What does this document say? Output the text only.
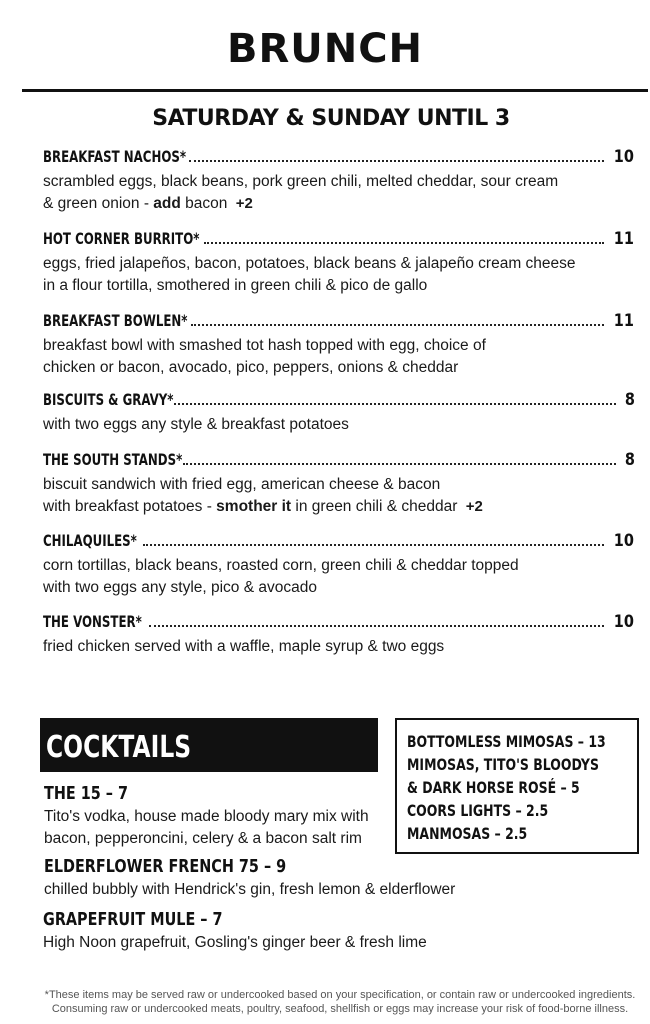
BRUNCH
SATURDAY & SUNDAY UNTIL 3
BREAKFAST NACHOS*	10
scrambled eggs, black beans, pork green chili, melted cheddar, sour cream
& green onion - add bacon +2
HOT CORNER BURRITO*	11
eggs, fried jalapeños, bacon, potatoes, black beans & jalapeño cream cheese
in a flour tortilla, smothered in green chili & pico de gallo
BREAKFAST BOWLEN*	11
breakfast bowl with smashed tot hash topped with egg, choice of
chicken or bacon, avocado, pico, peppers, onions & cheddar
BISCUITS & GRAVY*	8
with two eggs any style & breakfast potatoes
THE SOUTH STANDS*	8
biscuit sandwich with fried egg, american cheese & bacon
with breakfast potatoes - smother it in green chili & cheddar +2
CHILAQUILES*	10
corn tortillas, black beans, roasted corn, green chili & cheddar topped
with two eggs any style, pico & avocado
THE VONSTER*	10
fried chicken served with a waffle, maple syrup & two eggs
COCKTAILS	BOTTOMLESS MIMOSAS – 13
MIMOSAS, TITO'S BLOODYS
& DARK HORSE ROSÉ – 5
COORS LIGHTS – 2.5
MANMOSAS – 2.5
THE 15 – 7
Tito's vodka, house made bloody mary mix with
bacon, pepperoncini, celery & a bacon salt rim
ELDERFLOWER FRENCH 75 – 9
chilled bubbly with Hendrick's gin, fresh lemon & elderflower
GRAPEFRUIT MULE – 7
High Noon grapefruit, Gosling's ginger beer & fresh lime
*These items may be served raw or undercooked based on your specification, or contain raw or undercooked ingredients.
Consuming raw or undercooked meats, poultry, seafood, shellfish or eggs may increase your risk of food-borne illness.
